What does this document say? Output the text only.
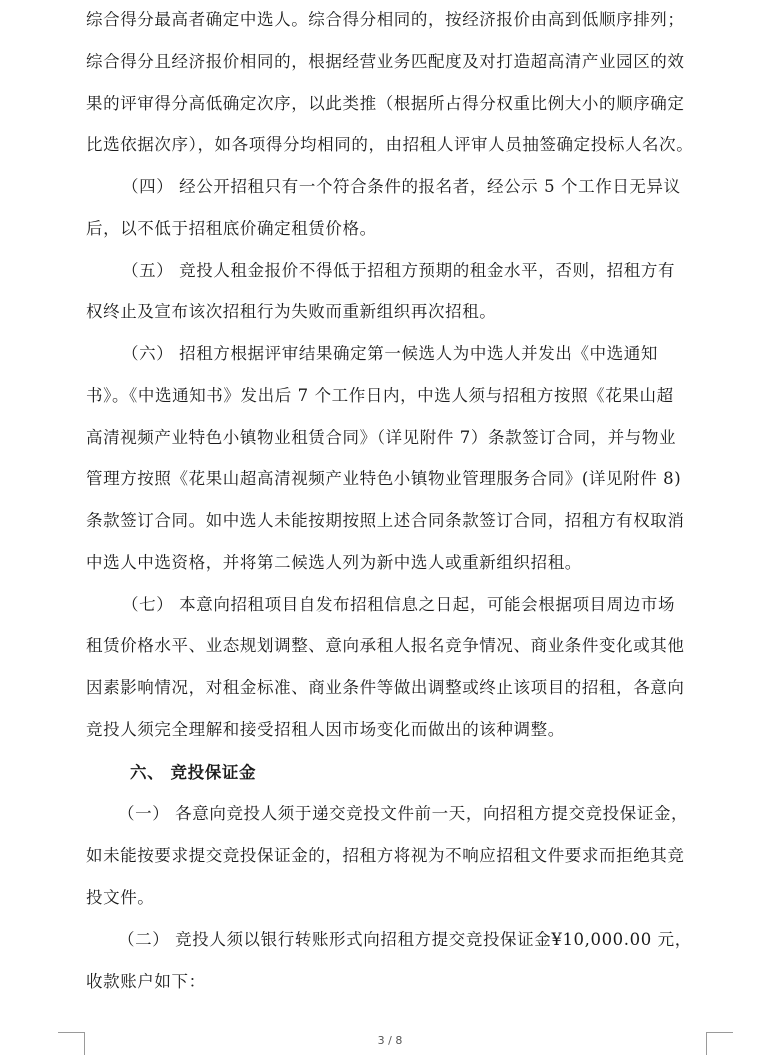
综合得分最高者确定中选人。综合得分相同的，按经济报价由高到低顺序排列；
综合得分且经济报价相同的，根据经营业务匹配度及对打造超高清产业园区的效
果的评审得分高低确定次序，以此类推（根据所占得分权重比例大小的顺序确定
比选依据次序），如各项得分均相同的，由招租人评审人员抽签确定投标人名次。
（四） 经公开招租只有一个符合条件的报名者，经公示 5 个工作日无异议
后，以不低于招租底价确定租赁价格。
（五） 竞投人租金报价不得低于招租方预期的租金水平，否则，招租方有
权终止及宣布该次招租行为失败而重新组织再次招租。
（六） 招租方根据评审结果确定第一候选人为中选人并发出《中选通知
书》。《中选通知书》发出后 7 个工作日内，中选人须与招租方按照《花果山超
高清视频产业特色小镇物业租赁合同》（详见附件 7）条款签订合同，并与物业
管理方按照《花果山超高清视频产业特色小镇物业管理服务合同》(详见附件 8)
条款签订合同。如中选人未能按期按照上述合同条款签订合同，招租方有权取消
中选人中选资格，并将第二候选人列为新中选人或重新组织招租。
（七） 本意向招租项目自发布招租信息之日起，可能会根据项目周边市场
租赁价格水平、业态规划调整、意向承租人报名竞争情况、商业条件变化或其他
因素影响情况，对租金标准、商业条件等做出调整或终止该项目的招租，各意向
竞投人须完全理解和接受招租人因市场变化而做出的该种调整。
六、 竞投保证金
（一） 各意向竞投人须于递交竞投文件前一天，向招租方提交竞投保证金，
如未能按要求提交竞投保证金的，招租方将视为不响应招租文件要求而拒绝其竞
投文件。
（二） 竞投人须以银行转账形式向招租方提交竞投保证金¥10,000.00 元，
收款账户如下：
3 / 8
